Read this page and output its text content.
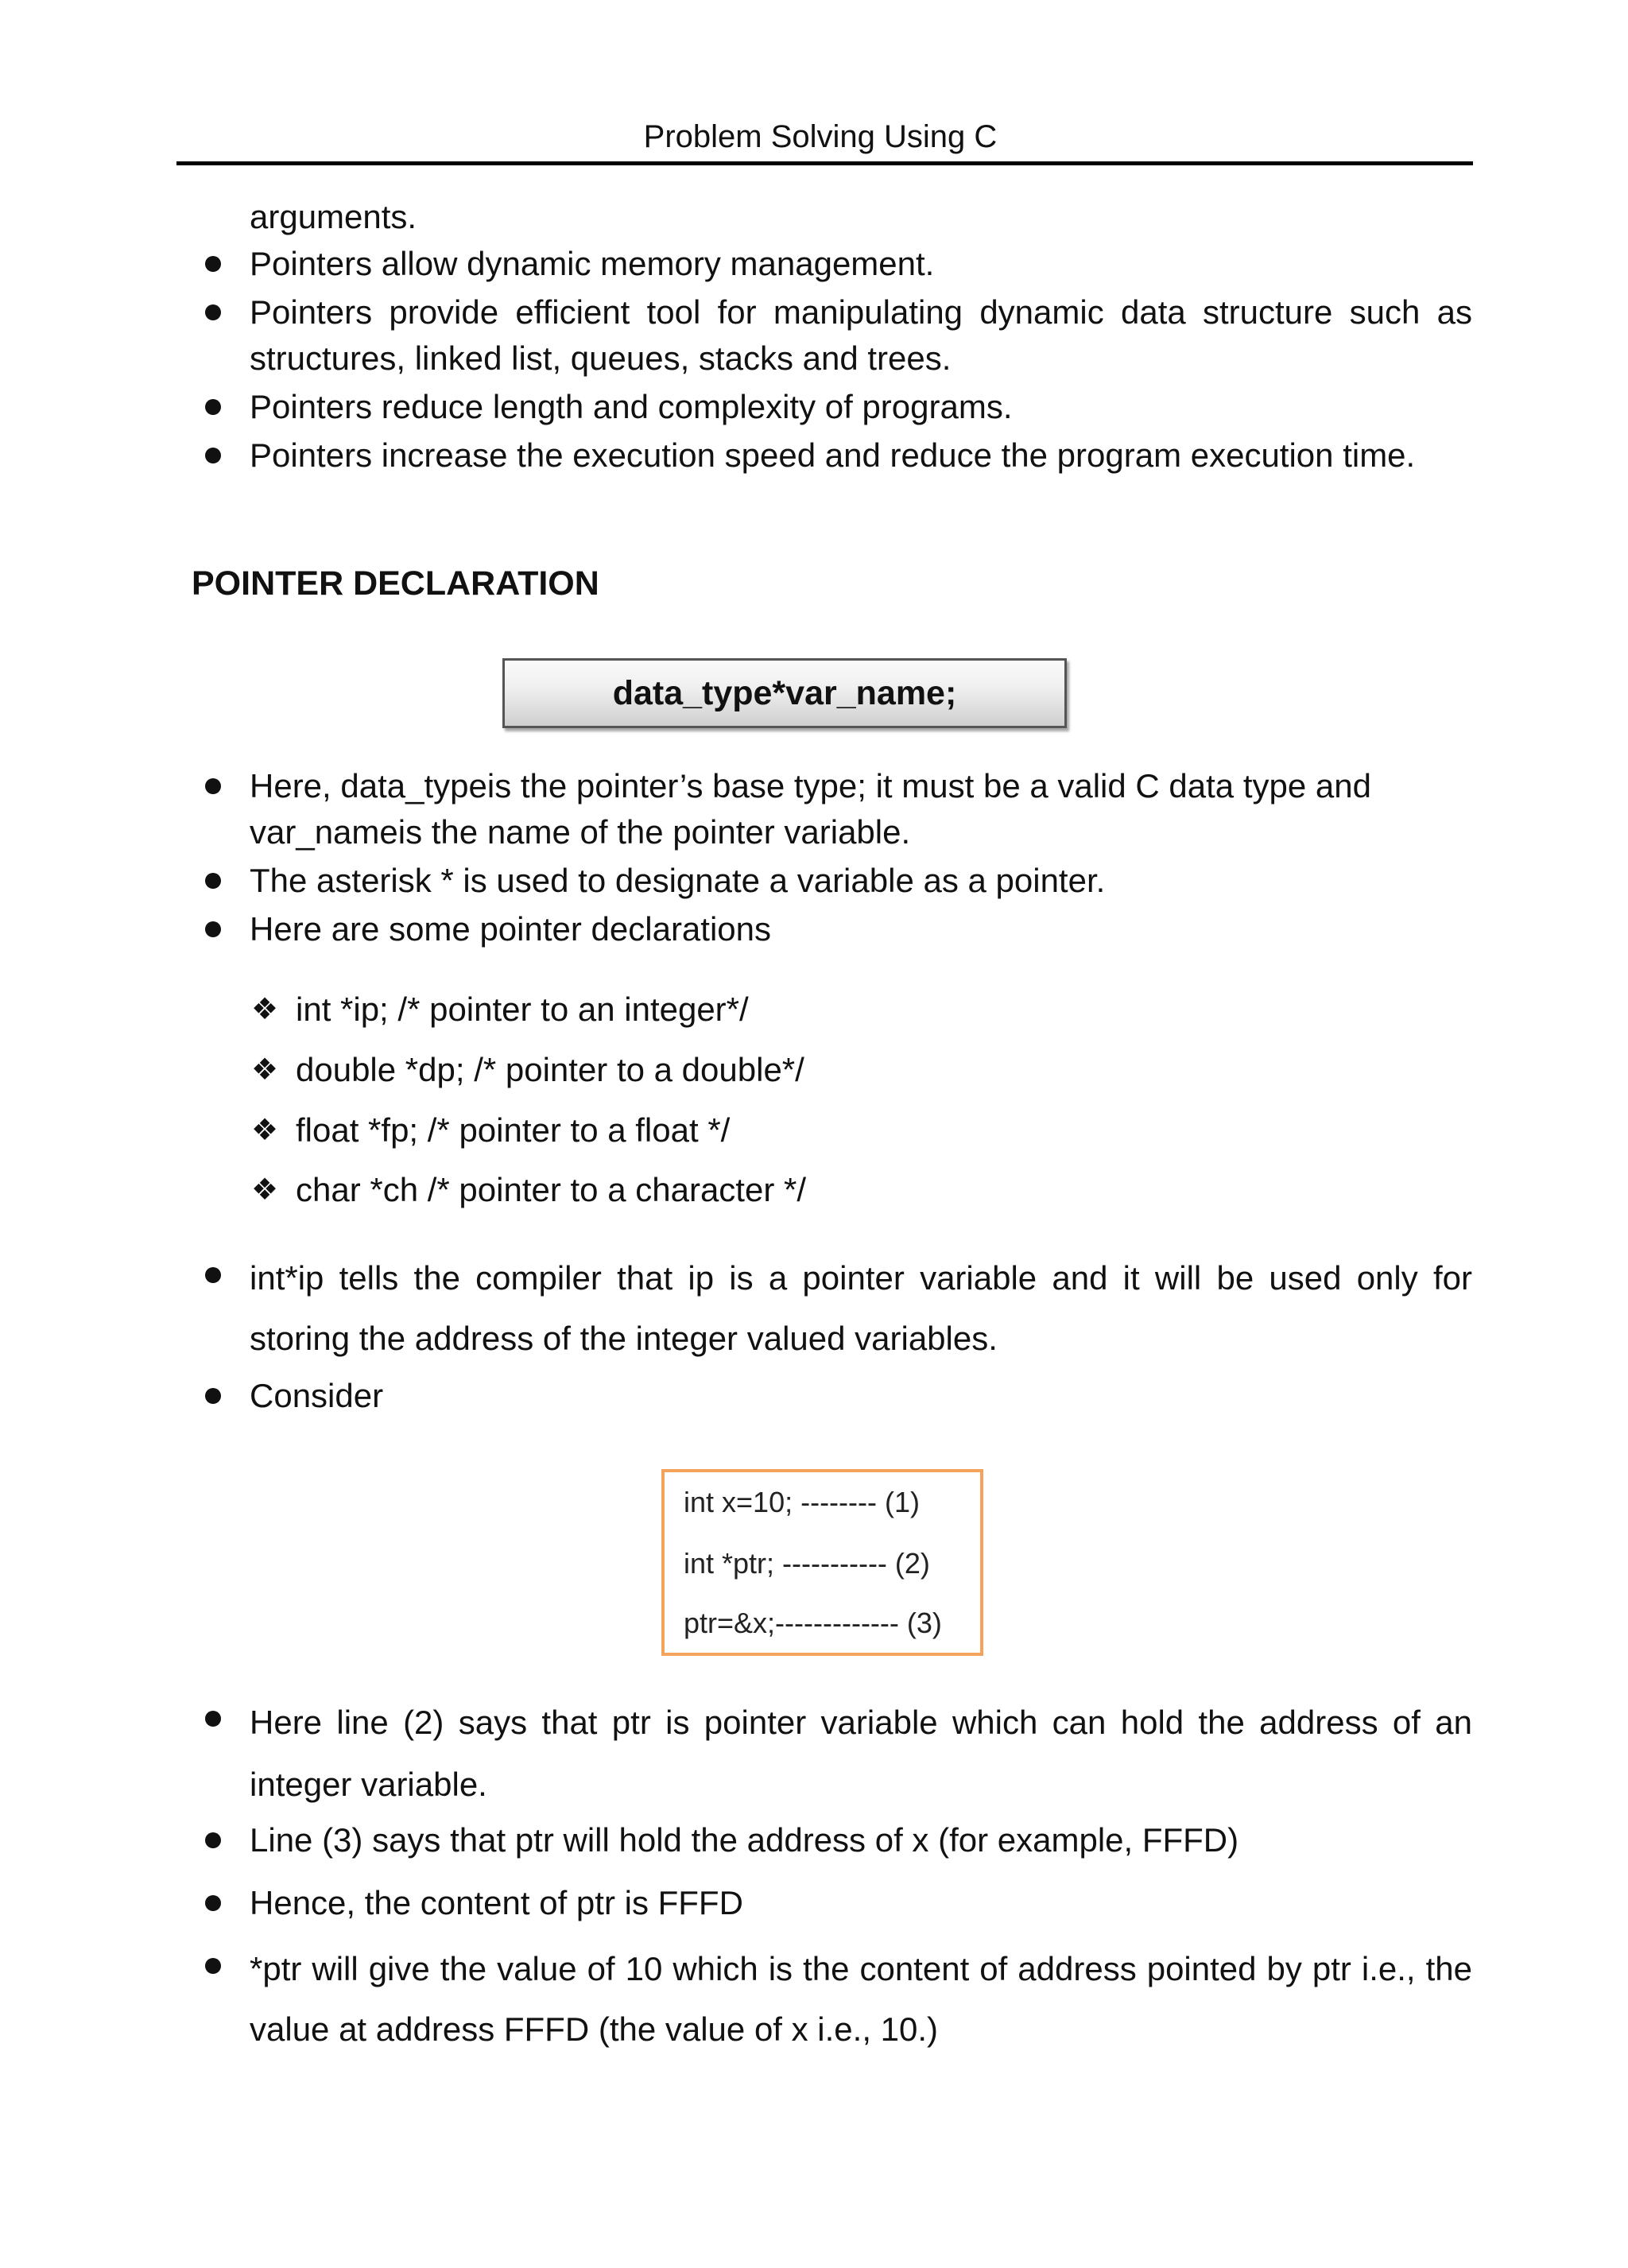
Problem Solving Using C

arguments.

Pointers allow dynamic memory management.

Pointers provide efficient tool for manipulating dynamic data structure such as structures, linked list, queues, stacks and trees.

Pointers reduce length and complexity of programs.

Pointers increase the execution speed and reduce the program execution time.

POINTER DECLARATION
data_type*var_name;

Here, data_typeis the pointer’s base type; it must be a valid C data type and var_nameis the name of the pointer variable.

The asterisk * is used to designate a variable as a pointer.

Here are some pointer declarations

❖ int *ip; /* pointer to an integer*/
❖ double *dp; /* pointer to a double*/
❖ float *fp; /* pointer to a float */
❖ char *ch /* pointer to a character */

int*ip tells the compiler that ip is a pointer variable and it will be used only for storing the address of the integer valued variables.

Consider

int x=10; -------- (1)
int *ptr; ----------- (2)
ptr=&x;------------- (3)

Here line (2) says that ptr is pointer variable which can hold the address of an integer variable.

Line (3) says that ptr will hold the address of x (for example, FFFD)

Hence, the content of ptr is FFFD

*ptr will give the value of 10 which is the content of address pointed by ptr i.e., the value at address FFFD (the value of x i.e., 10.)
